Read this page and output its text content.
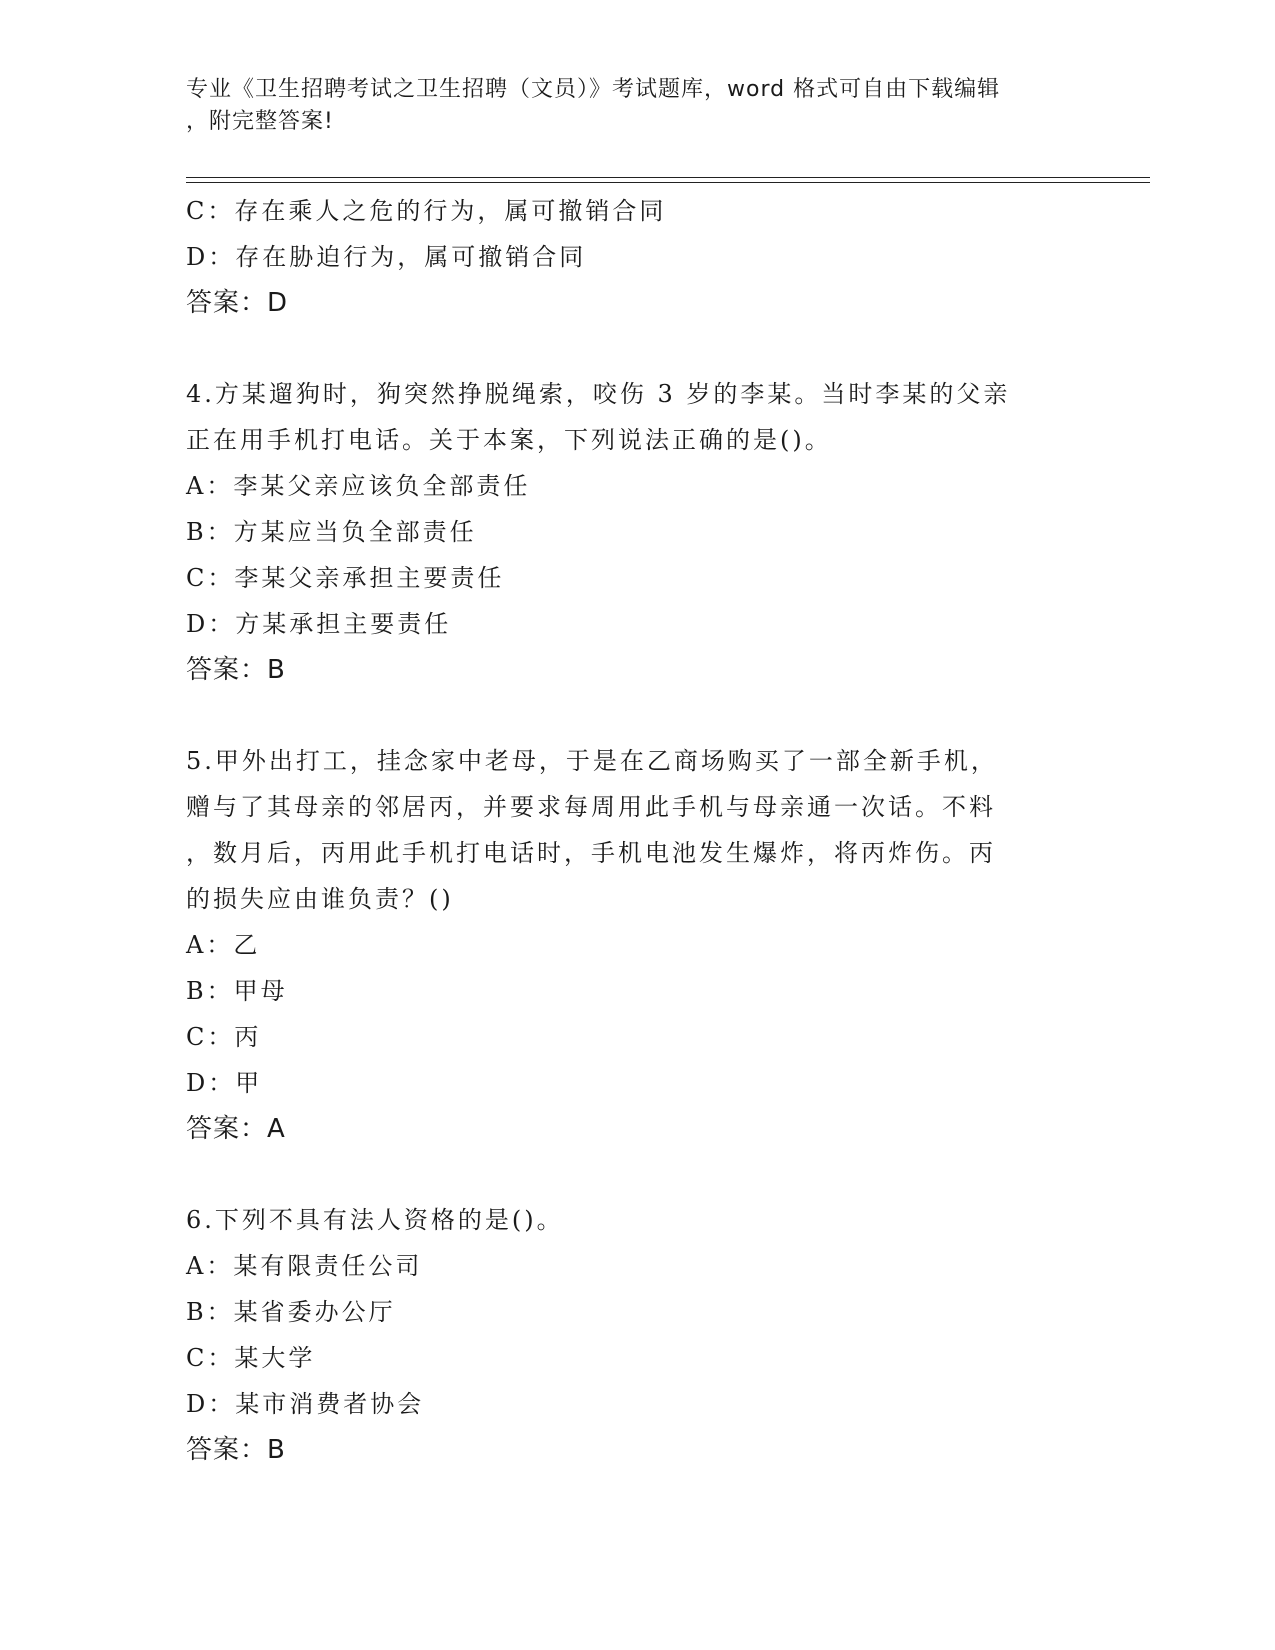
专业《卫生招聘考试之卫生招聘（文员）》考试题库，word 格式可自由下载编辑
，附完整答案!
C：存在乘人之危的行为，属可撤销合同
D：存在胁迫行为，属可撤销合同
答案：D
4.方某遛狗时，狗突然挣脱绳索，咬伤 3 岁的李某。当时李某的父亲
正在用手机打电话。关于本案，下列说法正确的是()。
A：李某父亲应该负全部责任
B：方某应当负全部责任
C：李某父亲承担主要责任
D：方某承担主要责任
答案：B
5.甲外出打工，挂念家中老母，于是在乙商场购买了一部全新手机，
赠与了其母亲的邻居丙，并要求每周用此手机与母亲通一次话。不料
，数月后，丙用此手机打电话时，手机电池发生爆炸，将丙炸伤。丙
的损失应由谁负责？()
A：乙
B：甲母
C：丙
D：甲
答案：A
6.下列不具有法人资格的是()。
A：某有限责任公司
B：某省委办公厅
C：某大学
D：某市消费者协会
答案：B
